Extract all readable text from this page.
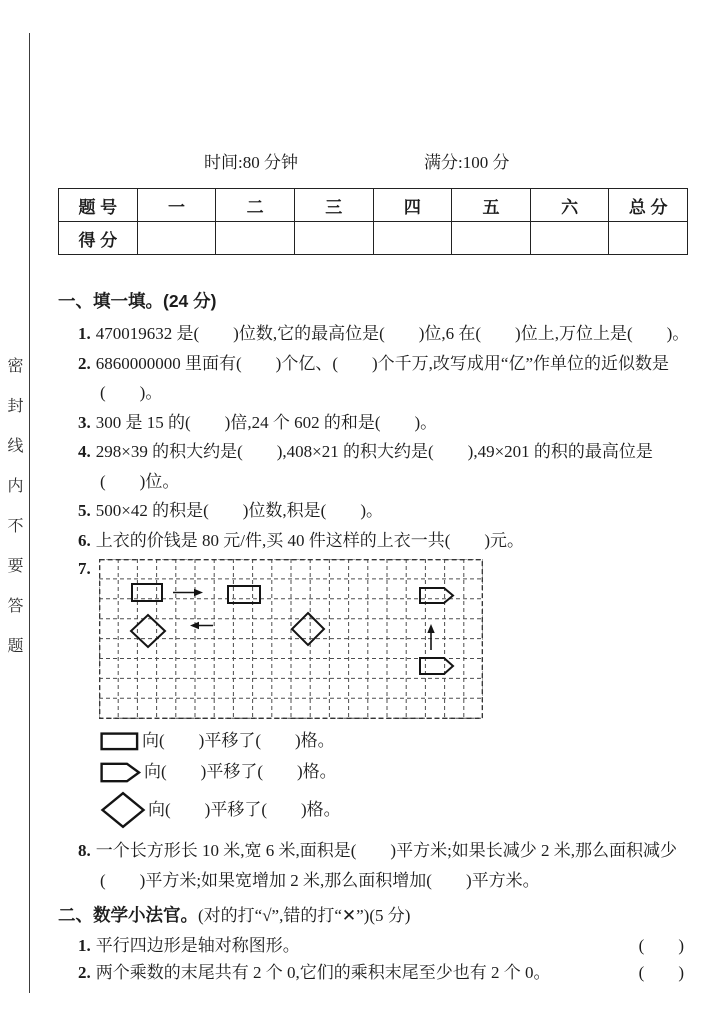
密封线内不要答题
时间:80 分钟	满分:100 分
题 号	一	二	三	四	五	六	总 分
得 分							
一、填一填。(24 分)
1. 470019632 是(　　)位数,它的最高位是(　　)位,6 在(　　)位上,万位上是(　　)。
2. 6860000000 里面有(　　)个亿、(　　)个千万,改写成用“亿”作单位的近似数是(　　)。
3. 300 是 15 的(　　)倍,24 个 602 的和是(　　)。
4. 298×39 的积大约是(　　),408×21 的积大约是(　　),49×201 的积的最高位是(　　)位。
5. 500×42 的积是(　　)位数,积是(　　)。
6. 上衣的价钱是 80 元/件,买 40 件这样的上衣一共(　　)元。
7.
向(　　)平移了(　　)格。
向(　　)平移了(　　)格。
向(　　)平移了(　　)格。
8. 一个长方形长 10 米,宽 6 米,面积是(　　)平方米;如果长减少 2 米,那么面积减少(　　)平方米;如果宽增加 2 米,那么面积增加(　　)平方米。
二、数学小法官。(对的打“√”,错的打“✕”)(5 分)
1. 平行四边形是轴对称图形。	(　　)
2. 两个乘数的末尾共有 2 个 0,它们的乘积末尾至少也有 2 个 0。	(　　)
